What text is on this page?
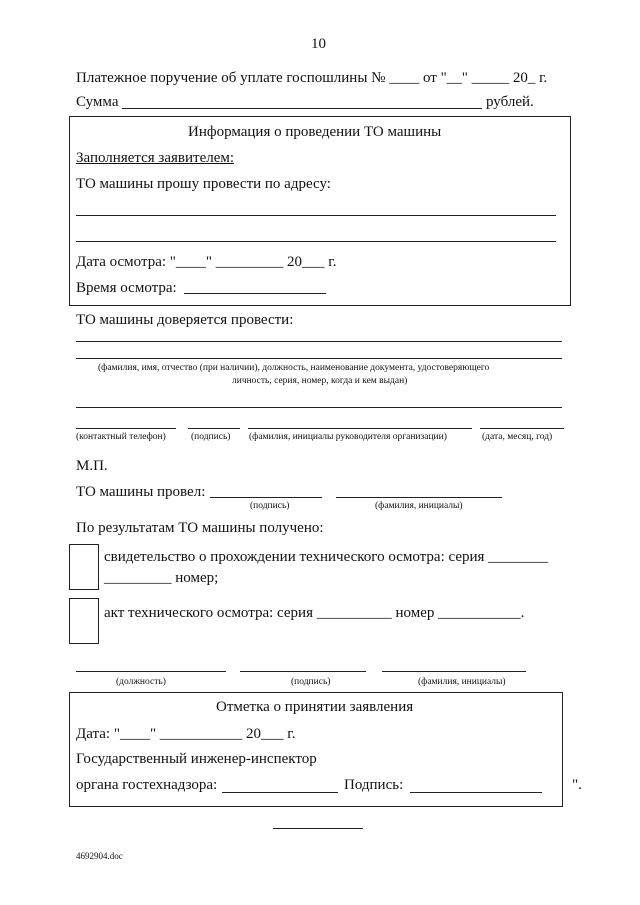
10
Платежное поручение об уплате госпошлины № ____ от "__" _____ 20_ г.
Сумма	рублей.
Информация о проведении ТО машины
Заполняется заявителем:
ТО машины прошу провести по адресу:
Дата осмотра: "____" _________ 20___ г.
Время осмотра:
ТО машины доверяется провести:
(фамилия, имя, отчество (при наличии), должность, наименование документа, удостоверяющего
личность, серия, номер, когда и кем выдан)
(контактный телефон)	(подпись) (фамилия, инициалы руководителя организации)	(дата, месяц, год)
М.П.
ТО машины провел:
(подпись)	(фамилия, инициалы)
По результатам ТО машины получено:
свидетельство о прохождении технического осмотра: серия ________
_________ номер;
акт технического осмотра: серия __________ номер ___________.
(должность)	(подпись)	(фамилия, инициалы)
Отметка о принятии заявления
Дата: "____" ___________ 20___ г.
Государственный инженер-инспектор
органа гостехнадзора:	Подпись:	".
4692904.doc
